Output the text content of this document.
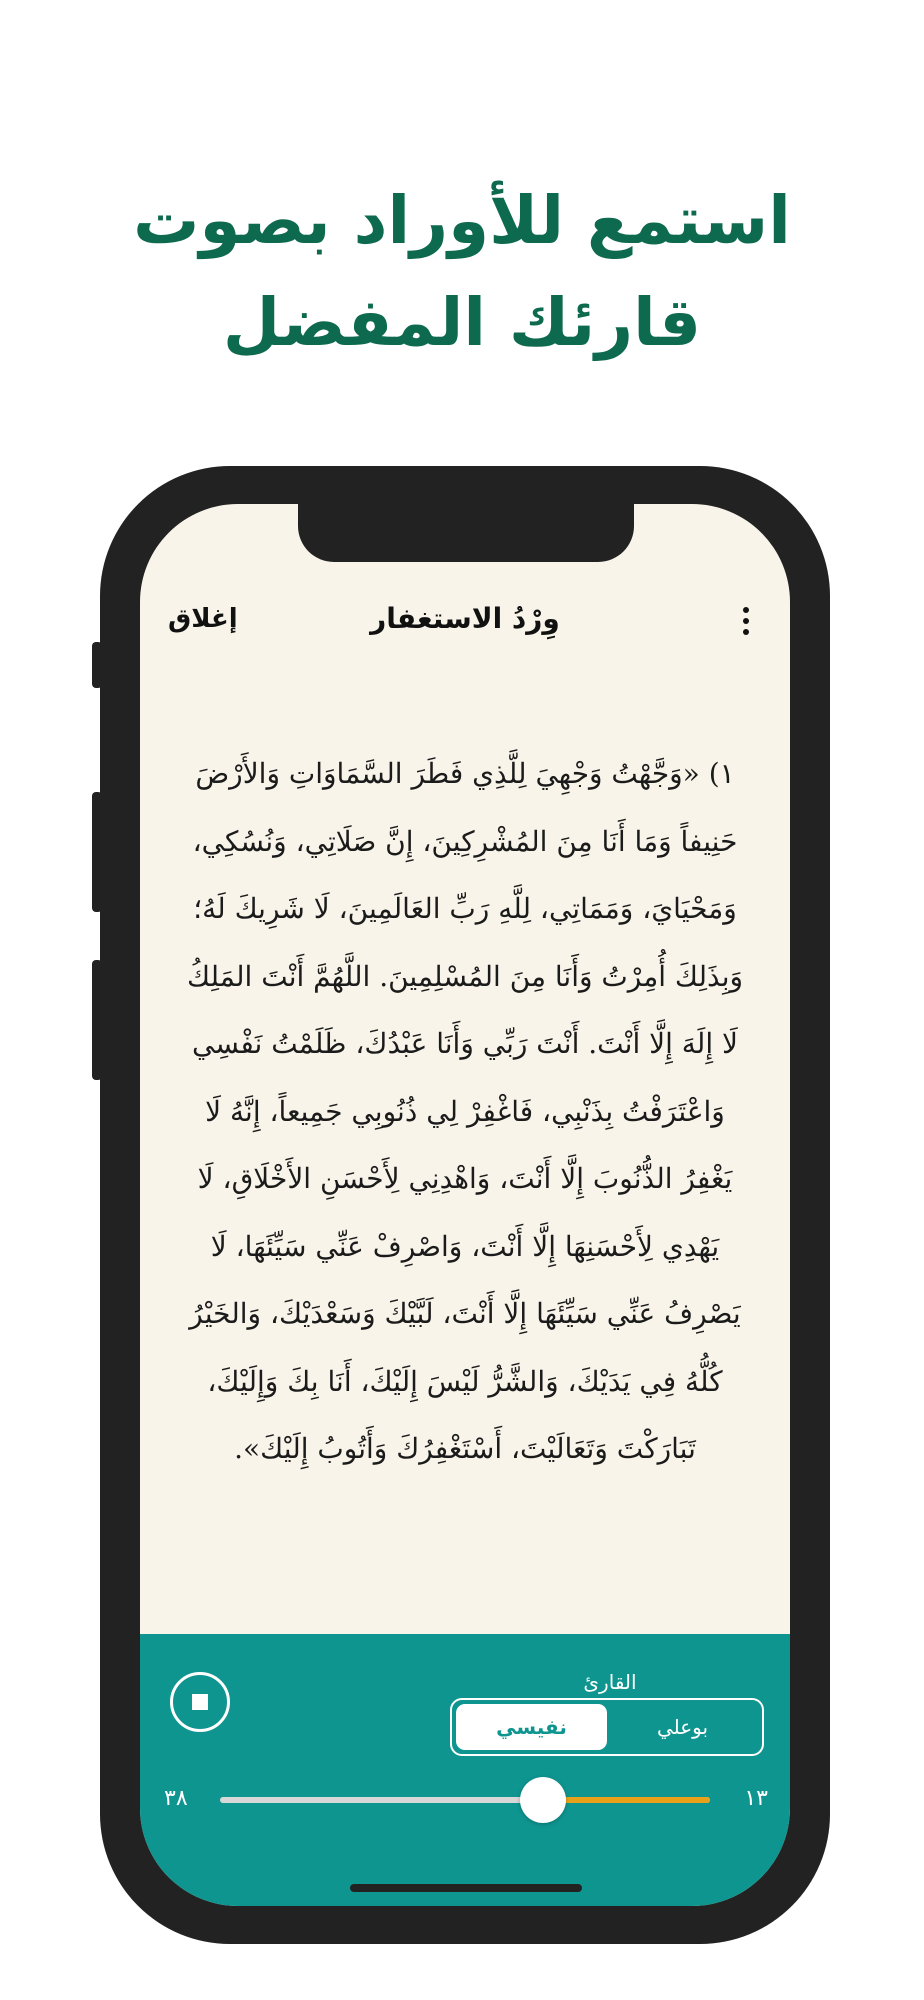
استمع للأوراد بصوت
قارئك المفضل
وِرْدُ الاستغفار
إغلاق
١) «وَجَّهْتُ وَجْهِيَ لِلَّذِي فَطَرَ السَّمَاوَاتِ وَالأَرْضَ حَنِيفاً وَمَا أَنَا مِنَ المُشْرِكِينَ، إِنَّ صَلَاتِي، وَنُسُكِي، وَمَحْيَايَ، وَمَمَاتِي، لِلَّهِ رَبِّ العَالَمِينَ، لَا شَرِيكَ لَهُ؛ وَبِذَلِكَ أُمِرْتُ وَأَنَا مِنَ المُسْلِمِينَ. اللَّهُمَّ أَنْتَ المَلِكُ لَا إِلَهَ إِلَّا أَنْتَ. أَنْتَ رَبِّي وَأَنَا عَبْدُكَ، ظَلَمْتُ نَفْسِي وَاعْتَرَفْتُ بِذَنْبِي، فَاغْفِرْ لِي ذُنُوبِي جَمِيعاً، إِنَّهُ لَا يَغْفِرُ الذُّنُوبَ إِلَّا أَنْتَ، وَاهْدِنِي لِأَحْسَنِ الأَخْلَاقِ، لَا يَهْدِي لِأَحْسَنِهَا إِلَّا أَنْتَ، وَاصْرِفْ عَنِّي سَيِّئَهَا، لَا يَصْرِفُ عَنِّي سَيِّئَهَا إِلَّا أَنْتَ، لَبَّيْكَ وَسَعْدَيْكَ، وَالخَيْرُ كُلُّهُ فِي يَدَيْكَ، وَالشَّرُّ لَيْسَ إِلَيْكَ، أَنَا بِكَ وَإِلَيْكَ، تَبَارَكْتَ وَتَعَالَيْتَ، أَسْتَغْفِرُكَ وَأَتُوبُ إِلَيْكَ».
القارئ
بوعلي
نفيسي
٣٨	١٣
